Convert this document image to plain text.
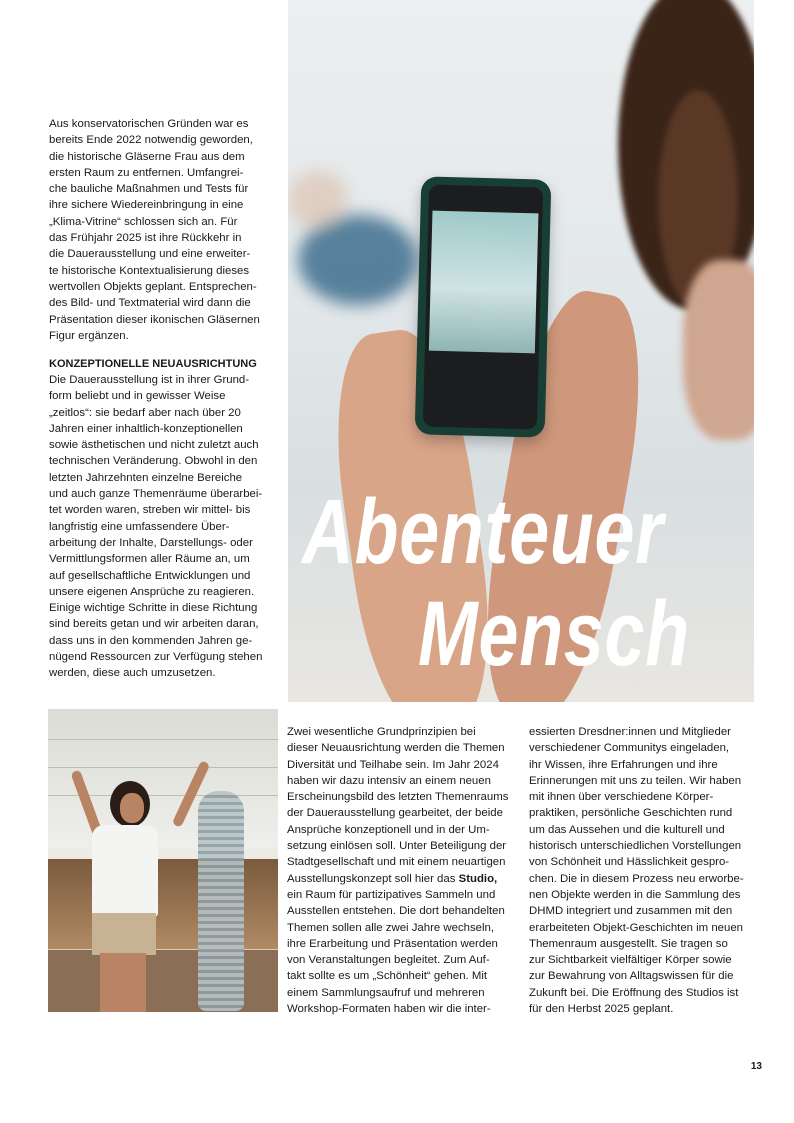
Aus konservatorischen Gründen war es
bereits Ende 2022 notwendig geworden,
die historische Gläserne Frau aus dem
ersten Raum zu entfernen. Umfangrei-
che bauliche Maßnahmen und Tests für
ihre sichere Wiedereinbringung in eine
„Klima-Vitrine“ schlossen sich an. Für
das Frühjahr 2025 ist ihre Rückkehr in
die Dauerausstellung und eine erweiter-
te historische Kontextualisierung dieses
wertvollen Objekts geplant. Entsprechen-
des Bild- und Textmaterial wird dann die
Präsentation dieser ikonischen Gläsernen
Figur ergänzen.

KONZEPTIONELLE NEUAUSRICHTUNG

Die Dauerausstellung ist in ihrer Grund-
form beliebt und in gewisser Weise
„zeitlos“: sie bedarf aber nach über 20
Jahren einer inhaltlich-konzeptionellen
sowie ästhetischen und nicht zuletzt auch
technischen Veränderung. Obwohl in den
letzten Jahrzehnten einzelne Bereiche
und auch ganze Themenräume überarbei-
tet worden waren, streben wir mittel- bis
langfristig eine umfassendere Über-
arbeitung der Inhalte, Darstellungs- oder
Vermittlungsformen aller Räume an, um
auf gesellschaftliche Entwicklungen und
unsere eigenen Ansprüche zu reagieren.
Einige wichtige Schritte in diese Richtung
sind bereits getan und wir arbeiten daran,
dass uns in den kommenden Jahren ge-
nügend Ressourcen zur Verfügung stehen
werden, diese auch umzusetzen.

Abenteuer

Mensch

Zwei wesentliche Grundprinzipien bei
dieser Neuausrichtung werden die Themen
Diversität und Teilhabe sein. Im Jahr 2024
haben wir dazu intensiv an einem neuen
Erscheinungsbild des letzten Themenraums
der Dauerausstellung gearbeitet, der beide
Ansprüche konzeptionell und in der Um-
setzung einlösen soll. Unter Beteiligung der
Stadtgesellschaft und mit einem neuartigen
Ausstellungskonzept soll hier das Studio,
ein Raum für partizipatives Sammeln und
Ausstellen entstehen. Die dort behandelten
Themen sollen alle zwei Jahre wechseln,
ihre Erarbeitung und Präsentation werden
von Veranstaltungen begleitet. Zum Auf-
takt sollte es um „Schönheit“ gehen. Mit
einem Sammlungsaufruf und mehreren
Workshop-Formaten haben wir die inter-

essierten Dresdner:innen und Mitglieder
verschiedener Communitys eingeladen,
ihr Wissen, ihre Erfahrungen und ihre
Erinnerungen mit uns zu teilen. Wir haben
mit ihnen über verschiedene Körper-
praktiken, persönliche Geschichten rund
um das Aussehen und die kulturell und
historisch unterschiedlichen Vorstellungen
von Schönheit und Hässlichkeit gespro-
chen. Die in diesem Prozess neu erworbe-
nen Objekte werden in die Sammlung des
DHMD integriert und zusammen mit den
erarbeiteten Objekt-Geschichten im neuen
Themenraum ausgestellt. Sie tragen so
zur Sichtbarkeit vielfältiger Körper sowie
zur Bewahrung von Alltagswissen für die
Zukunft bei. Die Eröffnung des Studios ist
für den Herbst 2025 geplant.

13
